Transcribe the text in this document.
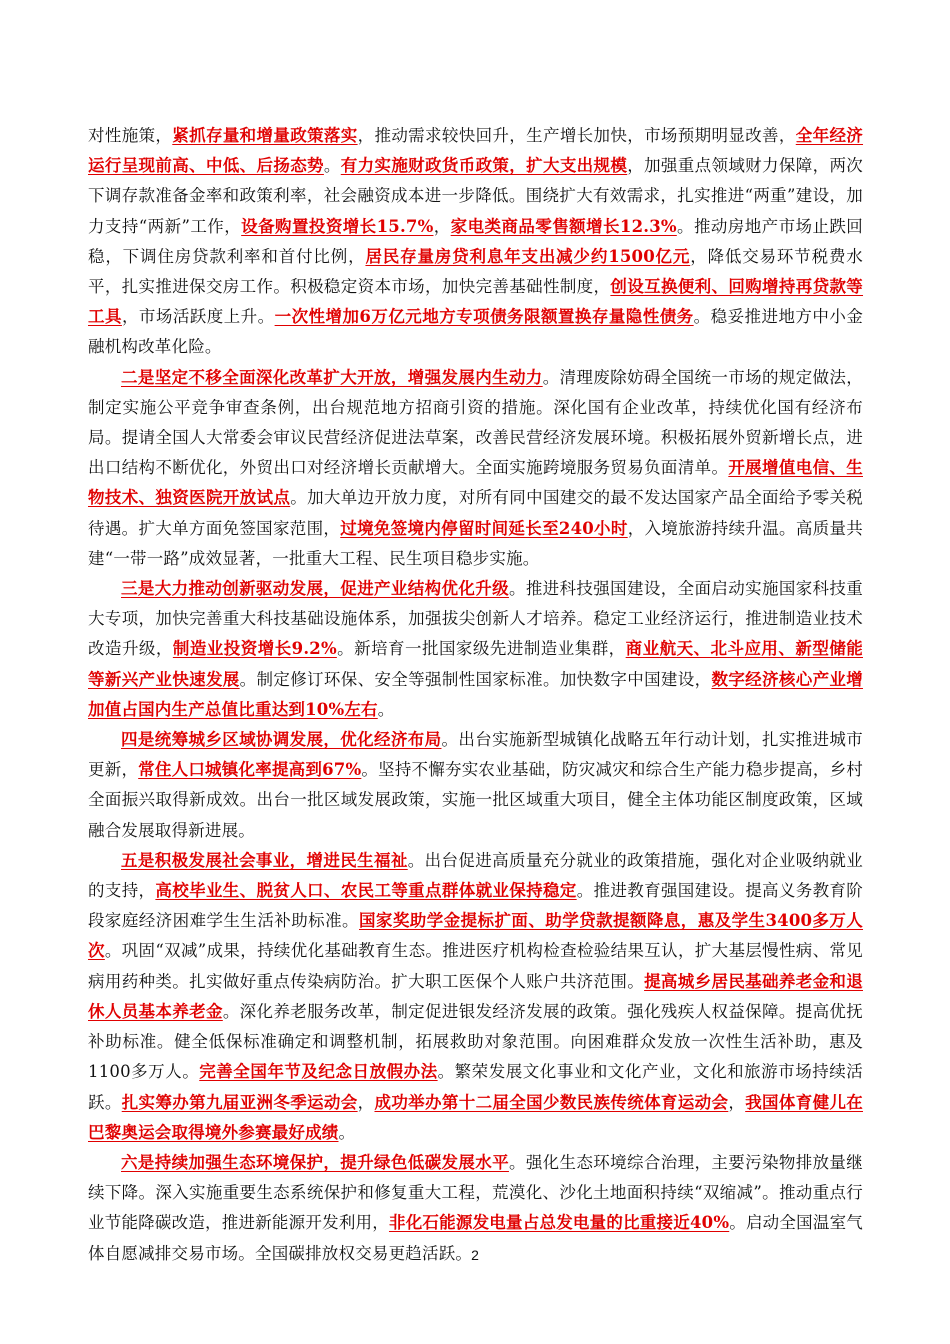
对性施策，紧抓存量和增量政策落实，推动需求较快回升，生产增长加快，市场预期明显改善，全年经济运行呈现前高、中低、后扬态势。有力实施财政货币政策，扩大支出规模，加强重点领域财力保障，两次下调存款准备金率和政策利率，社会融资成本进一步降低。围绕扩大有效需求，扎实推进“两重”建设，加力支持“两新”工作，设备购置投资增长15.7%，家电类商品零售额增长12.3%。推动房地产市场止跌回稳，下调住房贷款利率和首付比例，居民存量房贷利息年支出减少约1500亿元，降低交易环节税费水平，扎实推进保交房工作。积极稳定资本市场，加快完善基础性制度，创设互换便利、回购增持再贷款等工具，市场活跃度上升。一次性增加6万亿元地方专项债务限额置换存量隐性债务。稳妥推进地方中小金融机构改革化险。

二是坚定不移全面深化改革扩大开放，增强发展内生动力。清理废除妨碍全国统一市场的规定做法，制定实施公平竞争审查条例，出台规范地方招商引资的措施。深化国有企业改革，持续优化国有经济布局。提请全国人大常委会审议民营经济促进法草案，改善民营经济发展环境。积极拓展外贸新增长点，进出口结构不断优化，外贸出口对经济增长贡献增大。全面实施跨境服务贸易负面清单。开展增值电信、生物技术、独资医院开放试点。加大单边开放力度，对所有同中国建交的最不发达国家产品全面给予零关税待遇。扩大单方面免签国家范围，过境免签境内停留时间延长至240小时，入境旅游持续升温。高质量共建“一带一路”成效显著，一批重大工程、民生项目稳步实施。

三是大力推动创新驱动发展，促进产业结构优化升级。推进科技强国建设，全面启动实施国家科技重大专项，加快完善重大科技基础设施体系，加强拔尖创新人才培养。稳定工业经济运行，推进制造业技术改造升级，制造业投资增长9.2%。新培育一批国家级先进制造业集群，商业航天、北斗应用、新型储能等新兴产业快速发展。制定修订环保、安全等强制性国家标准。加快数字中国建设，数字经济核心产业增加值占国内生产总值比重达到10%左右。

四是统筹城乡区域协调发展，优化经济布局。出台实施新型城镇化战略五年行动计划，扎实推进城市更新，常住人口城镇化率提高到67%。坚持不懈夯实农业基础，防灾减灾和综合生产能力稳步提高，乡村全面振兴取得新成效。出台一批区域发展政策，实施一批区域重大项目，健全主体功能区制度政策，区域融合发展取得新进展。

五是积极发展社会事业，增进民生福祉。出台促进高质量充分就业的政策措施，强化对企业吸纳就业的支持，高校毕业生、脱贫人口、农民工等重点群体就业保持稳定。推进教育强国建设。提高义务教育阶段家庭经济困难学生生活补助标准。国家奖助学金提标扩面、助学贷款提额降息，惠及学生3400多万人次。巩固“双减”成果，持续优化基础教育生态。推进医疗机构检查检验结果互认，扩大基层慢性病、常见病用药种类。扎实做好重点传染病防治。扩大职工医保个人账户共济范围。提高城乡居民基础养老金和退休人员基本养老金。深化养老服务改革，制定促进银发经济发展的政策。强化残疾人权益保障。提高优抚补助标准。健全低保标准确定和调整机制，拓展救助对象范围。向困难群众发放一次性生活补助，惠及1100多万人。完善全国年节及纪念日放假办法。繁荣发展文化事业和文化产业，文化和旅游市场持续活跃。扎实筹办第九届亚洲冬季运动会，成功举办第十二届全国少数民族传统体育运动会，我国体育健儿在巴黎奥运会取得境外参赛最好成绩。

六是持续加强生态环境保护，提升绿色低碳发展水平。强化生态环境综合治理，主要污染物排放量继续下降。深入实施重要生态系统保护和修复重大工程，荒漠化、沙化土地面积持续“双缩减”。推动重点行业节能降碳改造，推进新能源开发利用，非化石能源发电量占总发电量的比重接近40%。启动全国温室气体自愿减排交易市场。全国碳排放权交易更趋活跃。

2
